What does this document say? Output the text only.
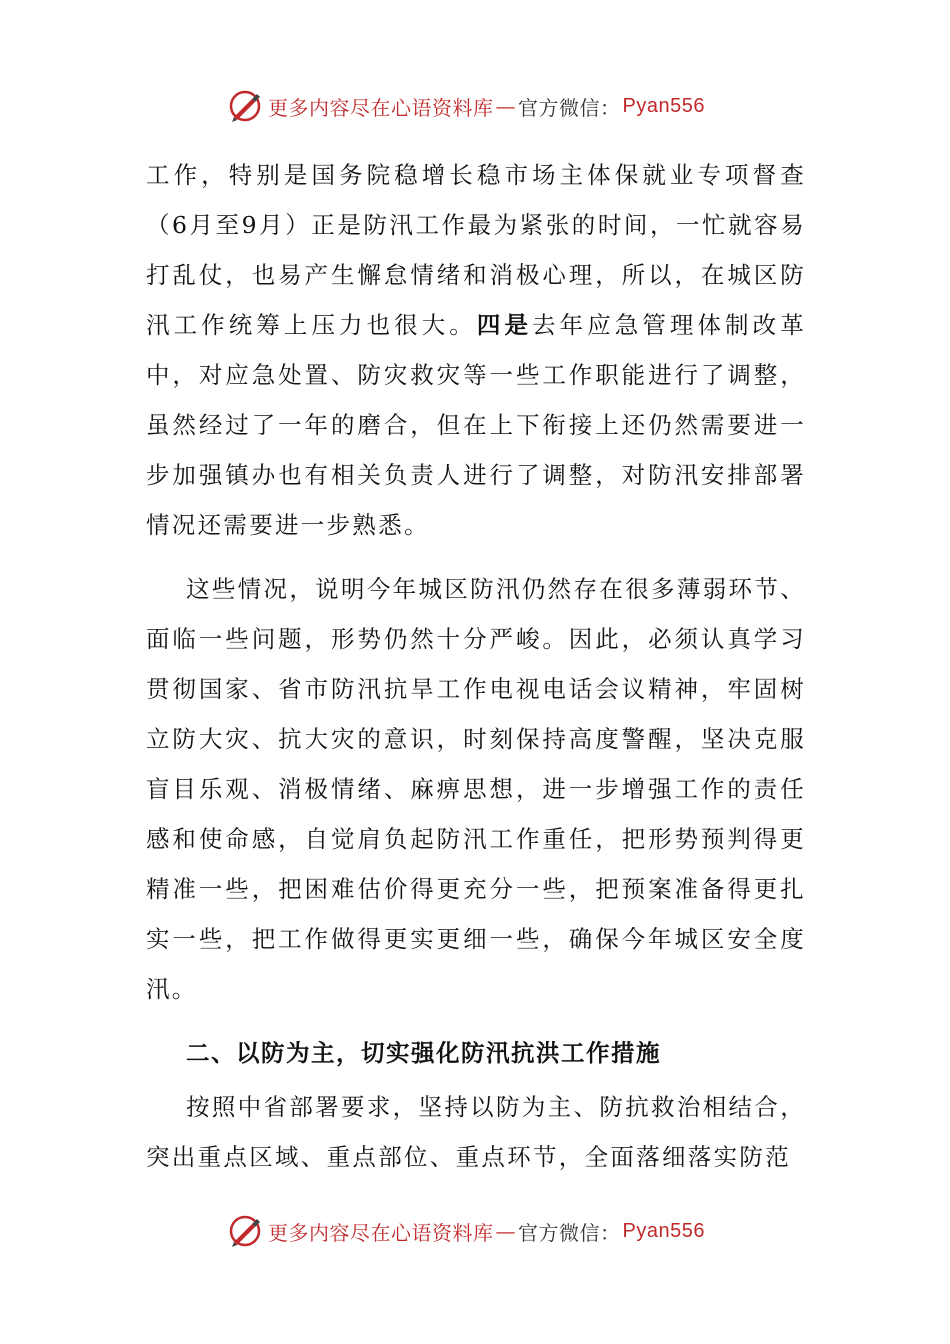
更多内容尽在心语资料库 — 官方微信： Pyan556

工作，特别是国务院稳增长稳市场主体保就业专项督查（6月至9月）正是防汛工作最为紧张的时间，一忙就容易打乱仗，也易产生懈怠情绪和消极心理，所以，在城区防汛工作统筹上压力也很大。四是去年应急管理体制改革中，对应急处置、防灾救灾等一些工作职能进行了调整，虽然经过了一年的磨合，但在上下衔接上还仍然需要进一步加强镇办也有相关负责人进行了调整，对防汛安排部署情况还需要进一步熟悉。

这些情况，说明今年城区防汛仍然存在很多薄弱环节、面临一些问题，形势仍然十分严峻。因此，必须认真学习贯彻国家、省市防汛抗旱工作电视电话会议精神，牢固树立防大灾、抗大灾的意识，时刻保持高度警醒，坚决克服盲目乐观、消极情绪、麻痹思想，进一步增强工作的责任感和使命感，自觉肩负起防汛工作重任，把形势预判得更精准一些，把困难估价得更充分一些，把预案准备得更扎实一些，把工作做得更实更细一些，确保今年城区安全度汛。

二、以防为主，切实强化防汛抗洪工作措施

按照中省部署要求，坚持以防为主、防抗救治相结合，突出重点区域、重点部位、重点环节，全面落细落实防范

更多内容尽在心语资料库 — 官方微信： Pyan556
